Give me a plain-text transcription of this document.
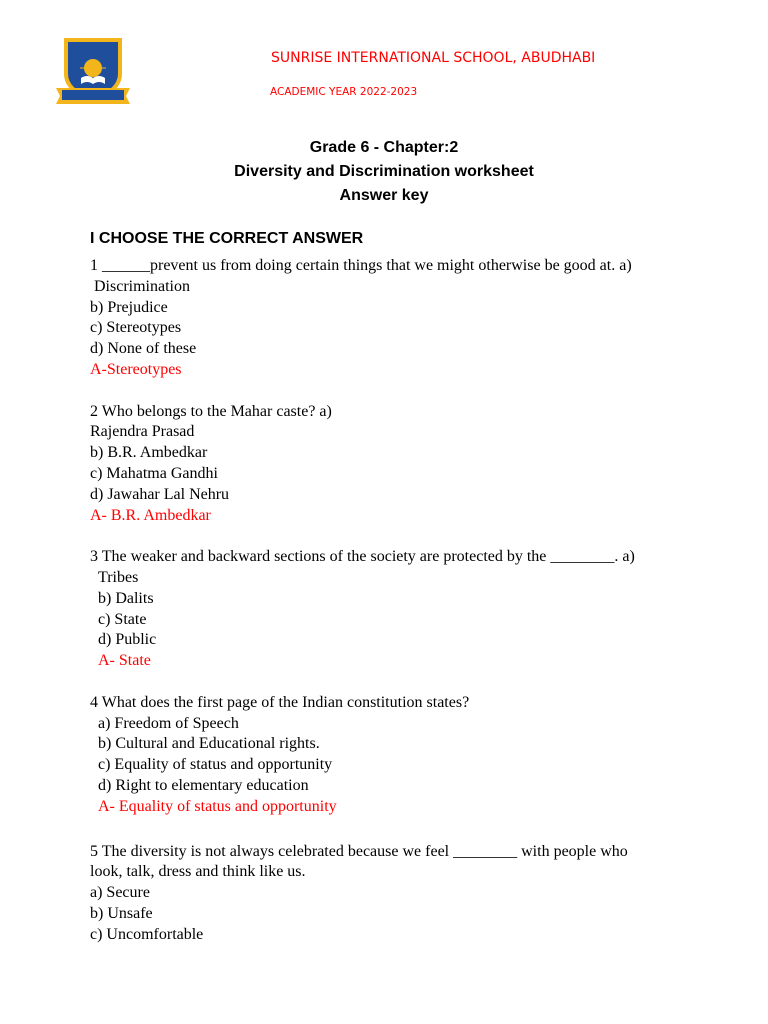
SUNRISE INTERNATIONAL SCHOOL, ABUDHABI
ACADEMIC YEAR 2022-2023
Grade 6 - Chapter:2
Diversity and Discrimination worksheet
Answer key
I CHOOSE THE CORRECT ANSWER
1 ______prevent us from doing certain things that we might otherwise be good at. a)
Discrimination
b) Prejudice
c) Stereotypes
d) None of these
A-Stereotypes
2 Who belongs to the Mahar caste? a)
Rajendra Prasad
b) B.R. Ambedkar
c) Mahatma Gandhi
d) Jawahar Lal Nehru
A- B.R. Ambedkar
3 The weaker and backward sections of the society are protected by the ________. a)
Tribes
b) Dalits
c) State
d) Public
A- State
4 What does the first page of the Indian constitution states?
a) Freedom of Speech
b) Cultural and Educational rights.
c) Equality of status and opportunity
d) Right to elementary education
A- Equality of status and opportunity
5 The diversity is not always celebrated because we feel ________ with people who
look, talk, dress and think like us.
a) Secure
b) Unsafe
c) Uncomfortable
